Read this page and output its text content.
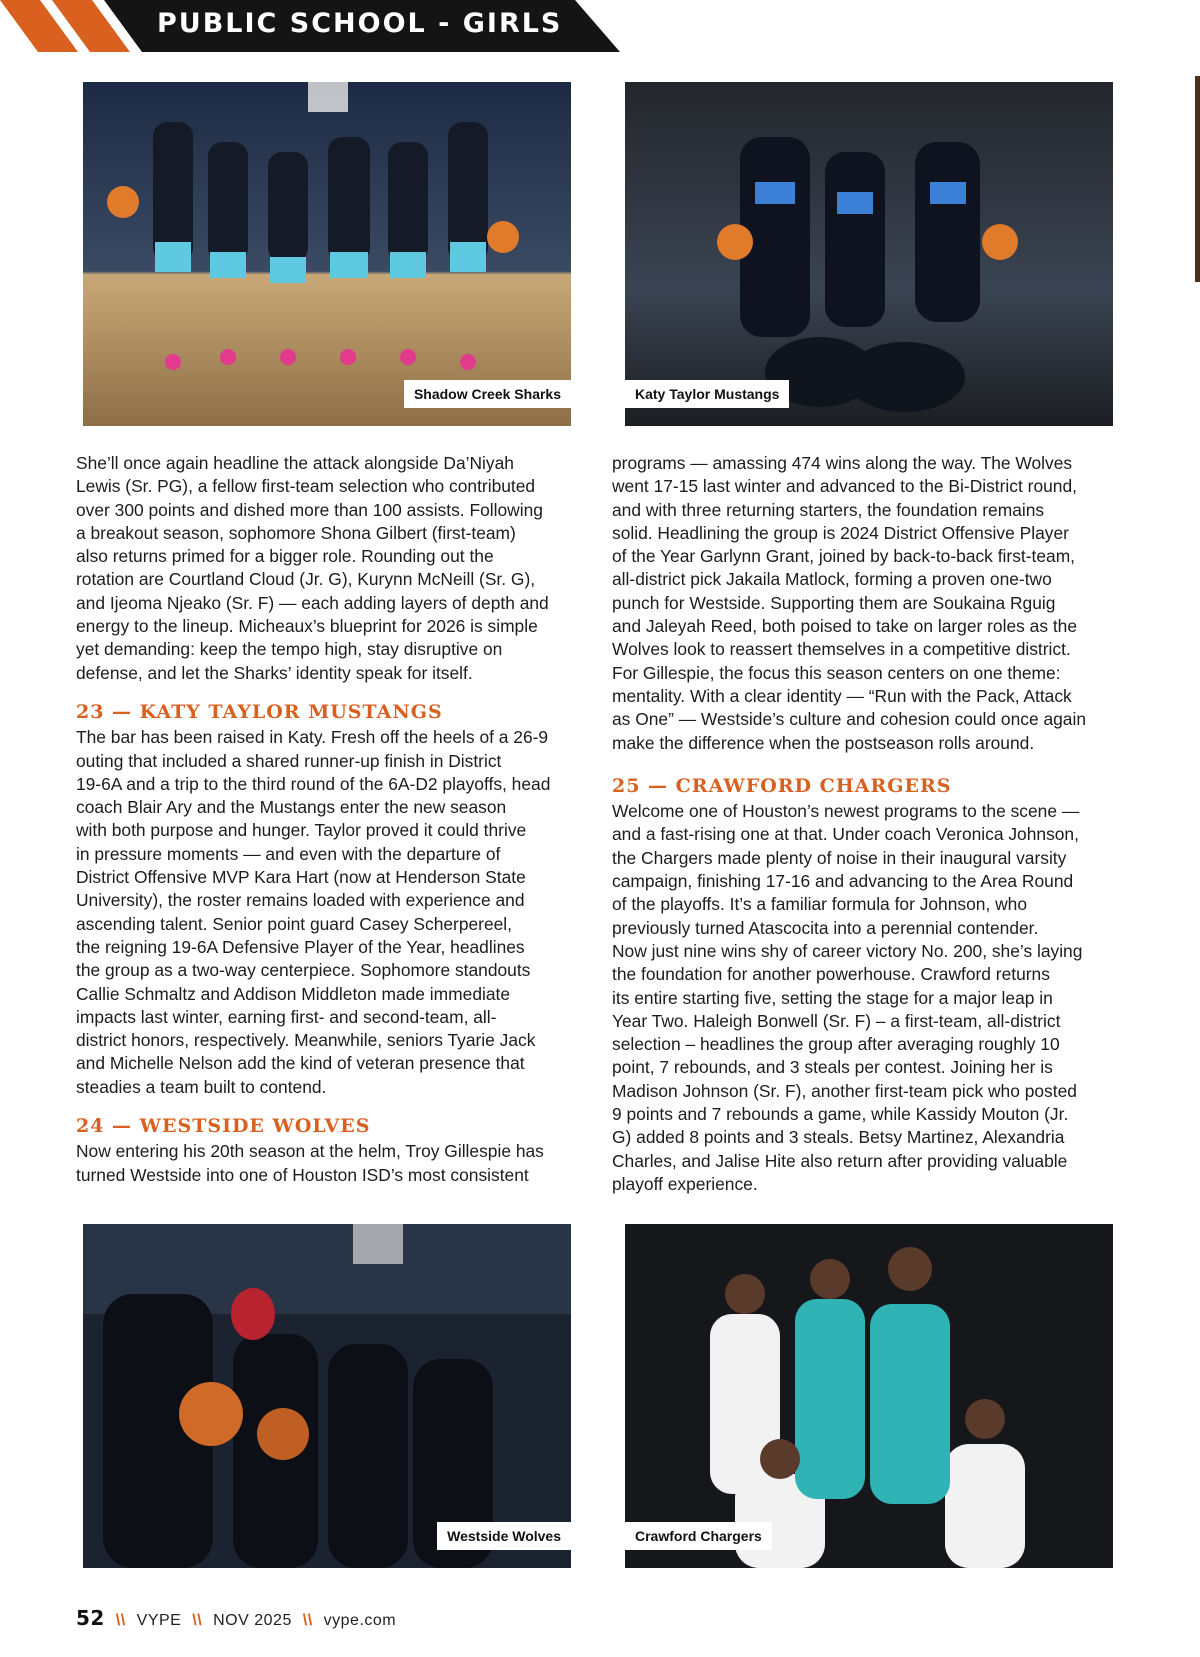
PUBLIC SCHOOL - GIRLS
Shadow Creek Sharks	Katy Taylor Mustangs

She’ll once again headline the attack alongside Da’Niyah
Lewis (Sr. PG), a fellow first-team selection who contributed
over 300 points and dished more than 100 assists. Following
a breakout season, sophomore Shona Gilbert (first-team)
also returns primed for a bigger role. Rounding out the
rotation are Courtland Cloud (Jr. G), Kurynn McNeill (Sr. G),
and Ijeoma Njeako (Sr. F) — each adding layers of depth and
energy to the lineup. Micheaux’s blueprint for 2026 is simple
yet demanding: keep the tempo high, stay disruptive on
defense, and let the Sharks’ identity speak for itself.

23 — KATY TAYLOR MUSTANGS

The bar has been raised in Katy. Fresh off the heels of a 26-9
outing that included a shared runner-up finish in District
19-6A and a trip to the third round of the 6A-D2 playoffs, head
coach Blair Ary and the Mustangs enter the new season
with both purpose and hunger. Taylor proved it could thrive
in pressure moments — and even with the departure of
District Offensive MVP Kara Hart (now at Henderson State
University), the roster remains loaded with experience and
ascending talent. Senior point guard Casey Scherpereel,
the reigning 19-6A Defensive Player of the Year, headlines
the group as a two-way centerpiece. Sophomore standouts
Callie Schmaltz and Addison Middleton made immediate
impacts last winter, earning first- and second-team, all-
district honors, respectively. Meanwhile, seniors Tyarie Jack
and Michelle Nelson add the kind of veteran presence that
steadies a team built to contend.

24 — WESTSIDE WOLVES

Now entering his 20th season at the helm, Troy Gillespie has
turned Westside into one of Houston ISD’s most consistent

programs — amassing 474 wins along the way. The Wolves
went 17-15 last winter and advanced to the Bi-District round,
and with three returning starters, the foundation remains
solid. Headlining the group is 2024 District Offensive Player
of the Year Garlynn Grant, joined by back-to-back first-team,
all-district pick Jakaila Matlock, forming a proven one-two
punch for Westside. Supporting them are Soukaina Rguig
and Jaleyah Reed, both poised to take on larger roles as the
Wolves look to reassert themselves in a competitive district.
For Gillespie, the focus this season centers on one theme:
mentality. With a clear identity — “Run with the Pack, Attack
as One” — Westside’s culture and cohesion could once again
make the difference when the postseason rolls around.

25 — CRAWFORD CHARGERS

Welcome one of Houston’s newest programs to the scene —
and a fast-rising one at that. Under coach Veronica Johnson,
the Chargers made plenty of noise in their inaugural varsity
campaign, finishing 17-16 and advancing to the Area Round
of the playoffs. It’s a familiar formula for Johnson, who
previously turned Atascocita into a perennial contender.
Now just nine wins shy of career victory No. 200, she’s laying
the foundation for another powerhouse. Crawford returns
its entire starting five, setting the stage for a major leap in
Year Two. Haleigh Bonwell (Sr. F) – a first-team, all-district
selection – headlines the group after averaging roughly 10
point, 7 rebounds, and 3 steals per contest. Joining her is
Madison Johnson (Sr. F), another first-team pick who posted
9 points and 7 rebounds a game, while Kassidy Mouton (Jr.
G) added 8 points and 3 steals. Betsy Martinez, Alexandria
Charles, and Jalise Hite also return after providing valuable
playoff experience.

Westside Wolves	Crawford Chargers
52 \\ VYPE \\ NOV 2025 \\ vype.com
